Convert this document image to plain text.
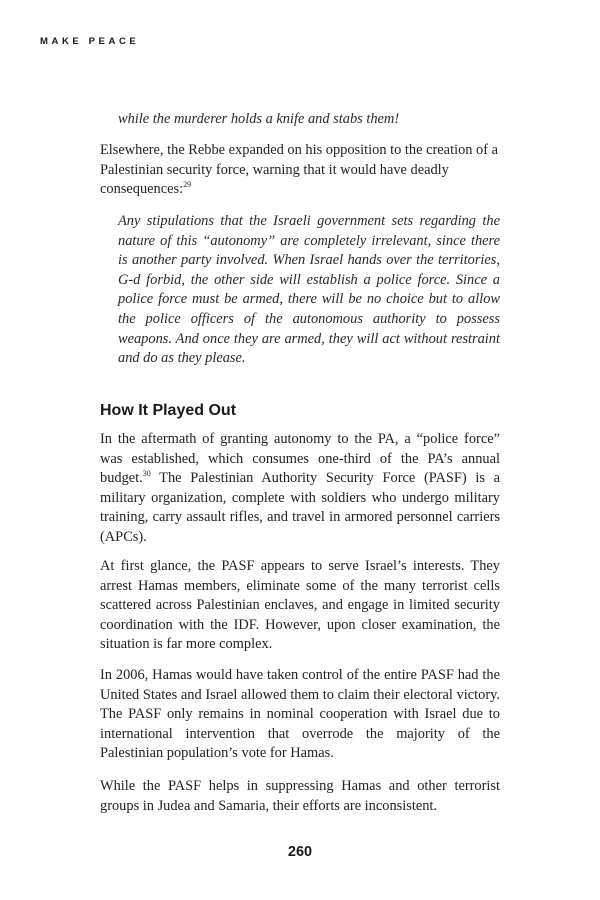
MAKE PEACE

while the murderer holds a knife and stabs them!

Elsewhere, the Rebbe expanded on his opposition to the creation of a Palestinian security force, warning that it would have deadly consequences:$^{29}$

Any stipulations that the Israeli government sets regarding the nature of this “autonomy” are completely irrelevant, since there is another party involved. When Israel hands over the territories, G-d forbid, the other side will establish a police force. Since a police force must be armed, there will be no choice but to allow the police officers of the autonomous authority to possess weapons. And once they are armed, they will act without restraint and do as they please.

How It Played Out

In the aftermath of granting autonomy to the PA, a “police force” was established, which consumes one-third of the PA’s annual budget.$^{30}$ The Palestinian Authority Security Force (PASF) is a military organization, complete with soldiers who undergo military training, carry assault rifles, and travel in armored personnel carriers (APCs).

At first glance, the PASF appears to serve Israel’s interests. They arrest Hamas members, eliminate some of the many terrorist cells scattered across Palestinian enclaves, and engage in limited security coordination with the IDF. However, upon closer examination, the situation is far more complex.

In 2006, Hamas would have taken control of the entire PASF had the United States and Israel allowed them to claim their electoral victory. The PASF only remains in nominal cooperation with Israel due to international intervention that overrode the majority of the Palestinian population’s vote for Hamas.

While the PASF helps in suppressing Hamas and other terrorist groups in Judea and Samaria, their efforts are inconsistent.

260
